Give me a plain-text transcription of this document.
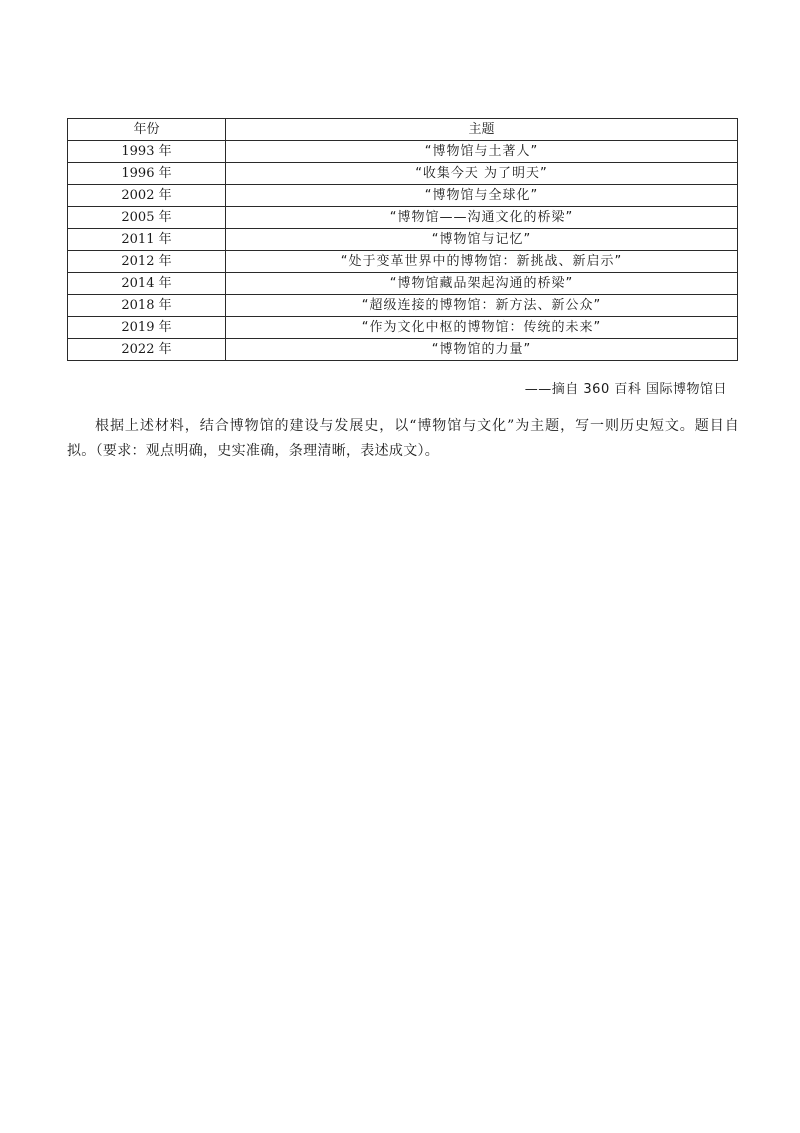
年份	主题
1993 年	“博物馆与土著人”
1996 年	“收集今天 为了明天”
2002 年	“博物馆与全球化”
2005 年	“博物馆——沟通文化的桥梁”
2011 年	“博物馆与记忆”
2012 年	“处于变革世界中的博物馆：新挑战、新启示”
2014 年	“博物馆藏品架起沟通的桥梁”
2018 年	“超级连接的博物馆：新方法、新公众”
2019 年	“作为文化中枢的博物馆：传统的未来”
2022 年	“博物馆的力量”
——摘自 360 百科 国际博物馆日

根据上述材料，结合博物馆的建设与发展史，以“博物馆与文化”为主题，写一则历史短文。题目自拟。（要求：观点明确，史实准确，条理清晰，表述成文）。
